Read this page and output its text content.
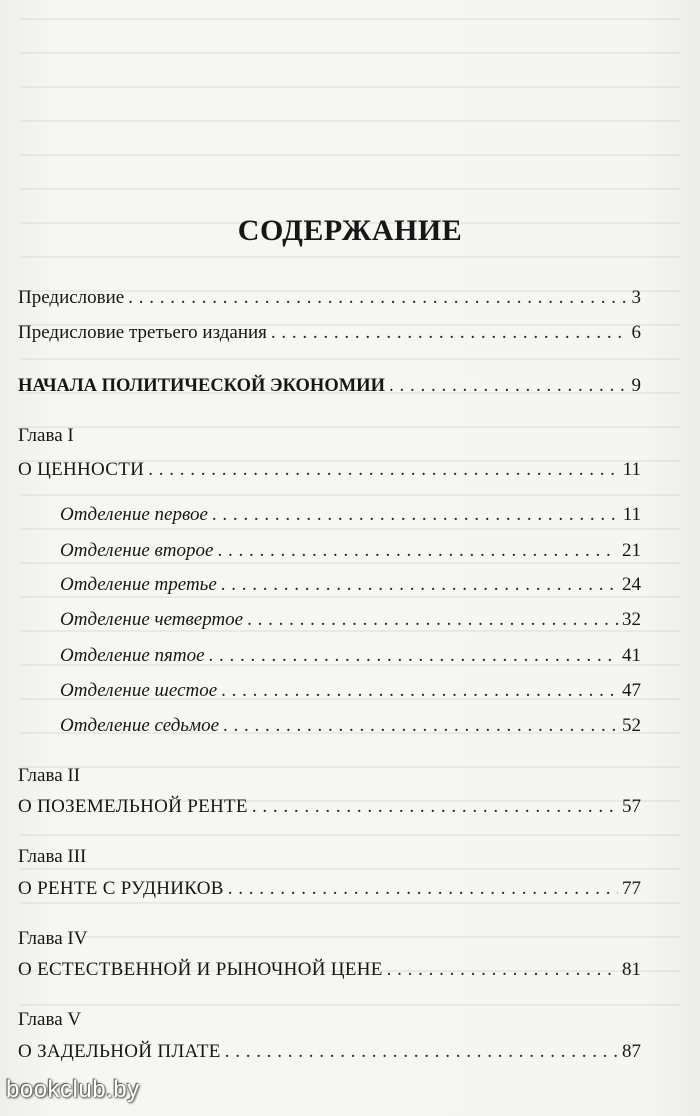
СОДЕРЖАНИЕ
Предисловие . . .	3
Предисловие третьего издания . . .	6
НАЧАЛА ПОЛИТИЧЕСКОЙ ЭКОНОМИИ . . .	9
Глава I
О ЦЕННОСТИ . . .	11
Отделение первое . . .	11
Отделение второе . . .	21
Отделение третье . . .	24
Отделение четвертое . . .	32
Отделение пятое . . .	41
Отделение шестое . . .	47
Отделение седьмое . . .	52
Глава II
О ПОЗЕМЕЛЬНОЙ РЕНТЕ . . .	57
Глава III
О РЕНТЕ С РУДНИКОВ . . .	77
Глава IV
О ЕСТЕСТВЕННОЙ И РЫНОЧНОЙ ЦЕНЕ . . .	81
Глава V
О ЗАДЕЛЬНОЙ ПЛАТЕ . . .	87
bookclub.by
